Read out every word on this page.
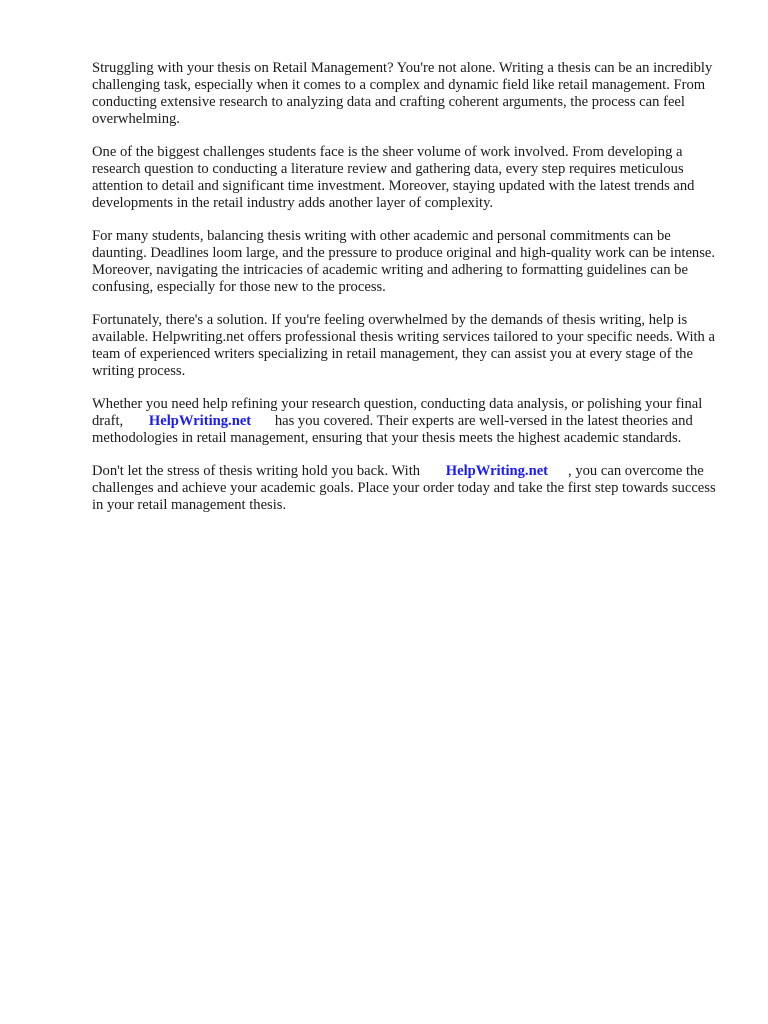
Struggling with your thesis on Retail Management? You're not alone. Writing a thesis can be an incredibly challenging task, especially when it comes to a complex and dynamic field like retail management. From conducting extensive research to analyzing data and crafting coherent arguments, the process can feel overwhelming.

One of the biggest challenges students face is the sheer volume of work involved. From developing a research question to conducting a literature review and gathering data, every step requires meticulous attention to detail and significant time investment. Moreover, staying updated with the latest trends and developments in the retail industry adds another layer of complexity.

For many students, balancing thesis writing with other academic and personal commitments can be daunting. Deadlines loom large, and the pressure to produce original and high-quality work can be intense. Moreover, navigating the intricacies of academic writing and adhering to formatting guidelines can be confusing, especially for those new to the process.

Fortunately, there's a solution. If you're feeling overwhelmed by the demands of thesis writing, help is available. Helpwriting.net offers professional thesis writing services tailored to your specific needs. With a team of experienced writers specializing in retail management, they can assist you at every stage of the writing process.

Whether you need help refining your research question, conducting data analysis, or polishing your final draft, HelpWriting.net has you covered. Their experts are well-versed in the latest theories and methodologies in retail management, ensuring that your thesis meets the highest academic standards.

Don't let the stress of thesis writing hold you back. With HelpWriting.net , you can overcome the challenges and achieve your academic goals. Place your order today and take the first step towards success in your retail management thesis.
